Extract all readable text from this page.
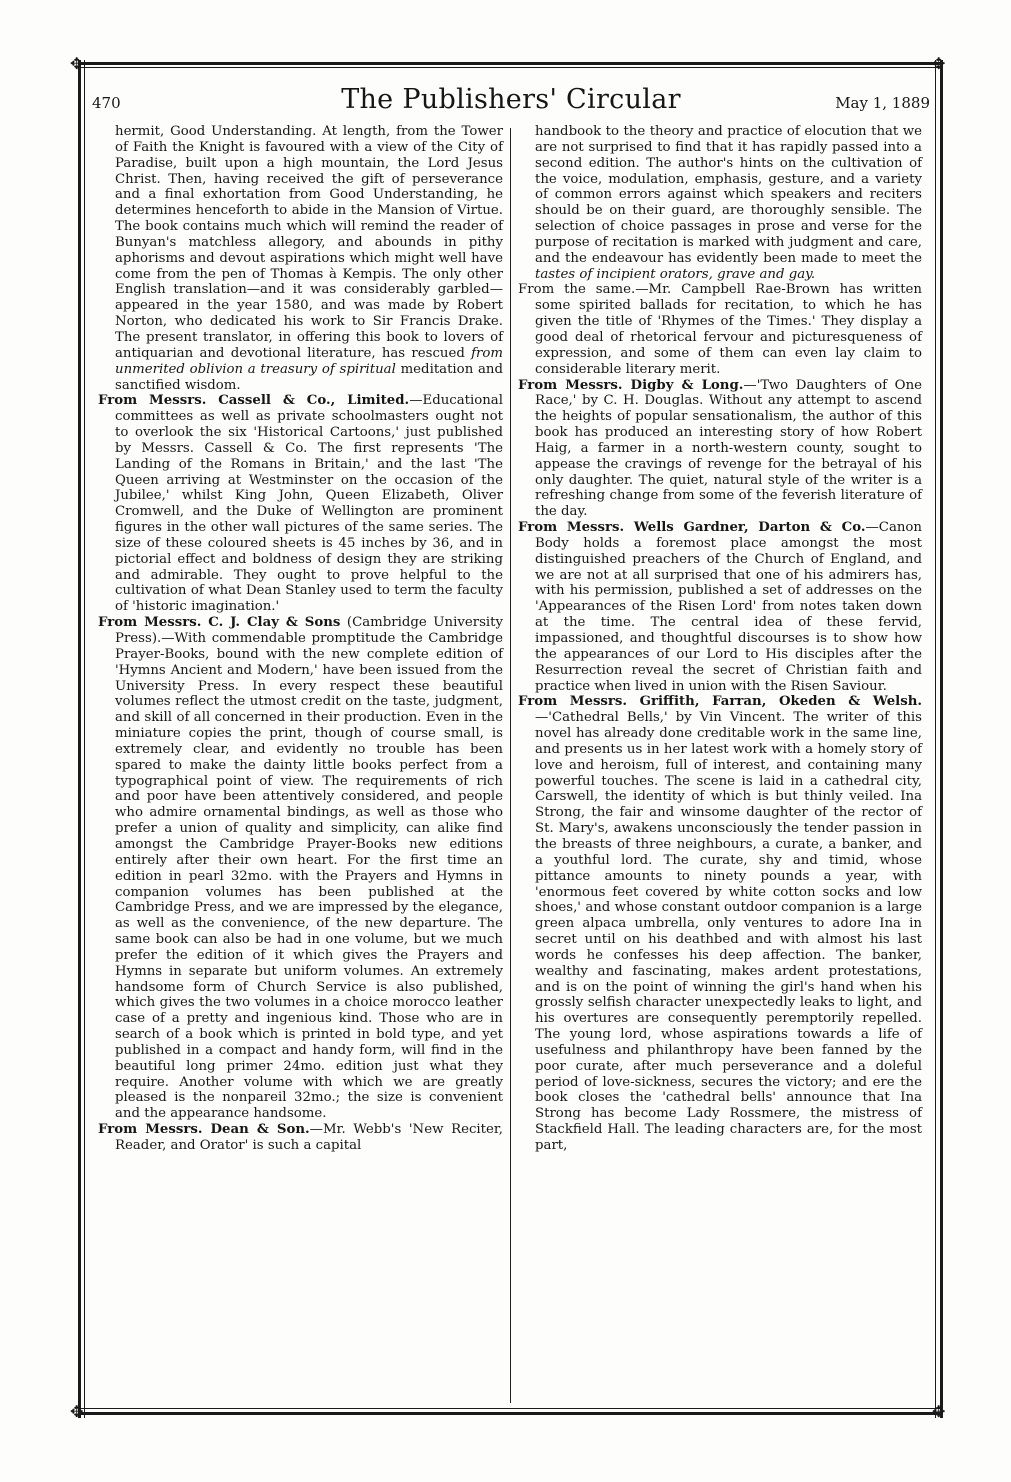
✥	✥
✥	✥
470	The Publishers' Circular	May 1, 1889

hermit, Good Understanding. At length, from the Tower of Faith the Knight is favoured with a view of the City of Paradise, built upon a high mountain, the Lord Jesus Christ. Then, having received the gift of perseverance and a final exhortation from Good Understanding, he determines henceforth to abide in the Mansion of Virtue. The book contains much which will remind the reader of Bunyan's matchless allegory, and abounds in pithy aphorisms and devout aspirations which might well have come from the pen of Thomas à Kempis. The only other English translation—and it was considerably garbled—appeared in the year 1580, and was made by Robert Norton, who dedicated his work to Sir Francis Drake. The present translator, in offering this book to lovers of antiquarian and devotional literature, has rescued from unmerited oblivion a treasury of spiritual meditation and sanctified wisdom.

From Messrs. Cassell & Co., Limited.—Educational committees as well as private schoolmasters ought not to overlook the six 'Historical Cartoons,' just published by Messrs. Cassell & Co. The first represents 'The Landing of the Romans in Britain,' and the last 'The Queen arriving at Westminster on the occasion of the Jubilee,' whilst King John, Queen Elizabeth, Oliver Cromwell, and the Duke of Wellington are prominent figures in the other wall pictures of the same series. The size of these coloured sheets is 45 inches by 36, and in pictorial effect and boldness of design they are striking and admirable. They ought to prove helpful to the cultivation of what Dean Stanley used to term the faculty of 'historic imagination.'

From Messrs. C. J. Clay & Sons (Cambridge University Press).—With commendable promptitude the Cambridge Prayer-Books, bound with the new complete edition of 'Hymns Ancient and Modern,' have been issued from the University Press. In every respect these beautiful volumes reflect the utmost credit on the taste, judgment, and skill of all concerned in their production. Even in the miniature copies the print, though of course small, is extremely clear, and evidently no trouble has been spared to make the dainty little books perfect from a typographical point of view. The requirements of rich and poor have been attentively considered, and people who admire ornamental bindings, as well as those who prefer a union of quality and simplicity, can alike find amongst the Cambridge Prayer-Books new editions entirely after their own heart. For the first time an edition in pearl 32mo. with the Prayers and Hymns in companion volumes has been published at the Cambridge Press, and we are impressed by the elegance, as well as the convenience, of the new departure. The same book can also be had in one volume, but we much prefer the edition of it which gives the Prayers and Hymns in separate but uniform volumes. An extremely handsome form of Church Service is also published, which gives the two volumes in a choice morocco leather case of a pretty and ingenious kind. Those who are in search of a book which is printed in bold type, and yet published in a compact and handy form, will find in the beautiful long primer 24mo. edition just what they require. Another volume with which we are greatly pleased is the nonpareil 32mo.; the size is convenient and the appearance handsome.

From Messrs. Dean & Son.—Mr. Webb's 'New Reciter, Reader, and Orator' is such a capital

handbook to the theory and practice of elocution that we are not surprised to find that it has rapidly passed into a second edition. The author's hints on the cultivation of the voice, modulation, emphasis, gesture, and a variety of common errors against which speakers and reciters should be on their guard, are thoroughly sensible. The selection of choice passages in prose and verse for the purpose of recitation is marked with judgment and care, and the endeavour has evidently been made to meet the tastes of incipient orators, grave and gay.

From the same.—Mr. Campbell Rae-Brown has written some spirited ballads for recitation, to which he has given the title of 'Rhymes of the Times.' They display a good deal of rhetorical fervour and picturesqueness of expression, and some of them can even lay claim to considerable literary merit.

From Messrs. Digby & Long.—'Two Daughters of One Race,' by C. H. Douglas. Without any attempt to ascend the heights of popular sensationalism, the author of this book has produced an interesting story of how Robert Haig, a farmer in a north-western county, sought to appease the cravings of revenge for the betrayal of his only daughter. The quiet, natural style of the writer is a refreshing change from some of the feverish literature of the day.

From Messrs. Wells Gardner, Darton & Co.—Canon Body holds a foremost place amongst the most distinguished preachers of the Church of England, and we are not at all surprised that one of his admirers has, with his permission, published a set of addresses on the 'Appearances of the Risen Lord' from notes taken down at the time. The central idea of these fervid, impassioned, and thoughtful discourses is to show how the appearances of our Lord to His disciples after the Resurrection reveal the secret of Christian faith and practice when lived in union with the Risen Saviour.

From Messrs. Griffith, Farran, Okeden & Welsh.—'Cathedral Bells,' by Vin Vincent. The writer of this novel has already done creditable work in the same line, and presents us in her latest work with a homely story of love and heroism, full of interest, and containing many powerful touches. The scene is laid in a cathedral city, Carswell, the identity of which is but thinly veiled. Ina Strong, the fair and winsome daughter of the rector of St. Mary's, awakens unconsciously the tender passion in the breasts of three neighbours, a curate, a banker, and a youthful lord. The curate, shy and timid, whose pittance amounts to ninety pounds a year, with 'enormous feet covered by white cotton socks and low shoes,' and whose constant outdoor companion is a large green alpaca umbrella, only ventures to adore Ina in secret until on his deathbed and with almost his last words he confesses his deep affection. The banker, wealthy and fascinating, makes ardent protestations, and is on the point of winning the girl's hand when his grossly selfish character unexpectedly leaks to light, and his overtures are consequently peremptorily repelled. The young lord, whose aspirations towards a life of usefulness and philanthropy have been fanned by the poor curate, after much perseverance and a doleful period of love-sickness, secures the victory; and ere the book closes the 'cathedral bells' announce that Ina Strong has become Lady Rossmere, the mistress of Stackfield Hall. The leading characters are, for the most part,
